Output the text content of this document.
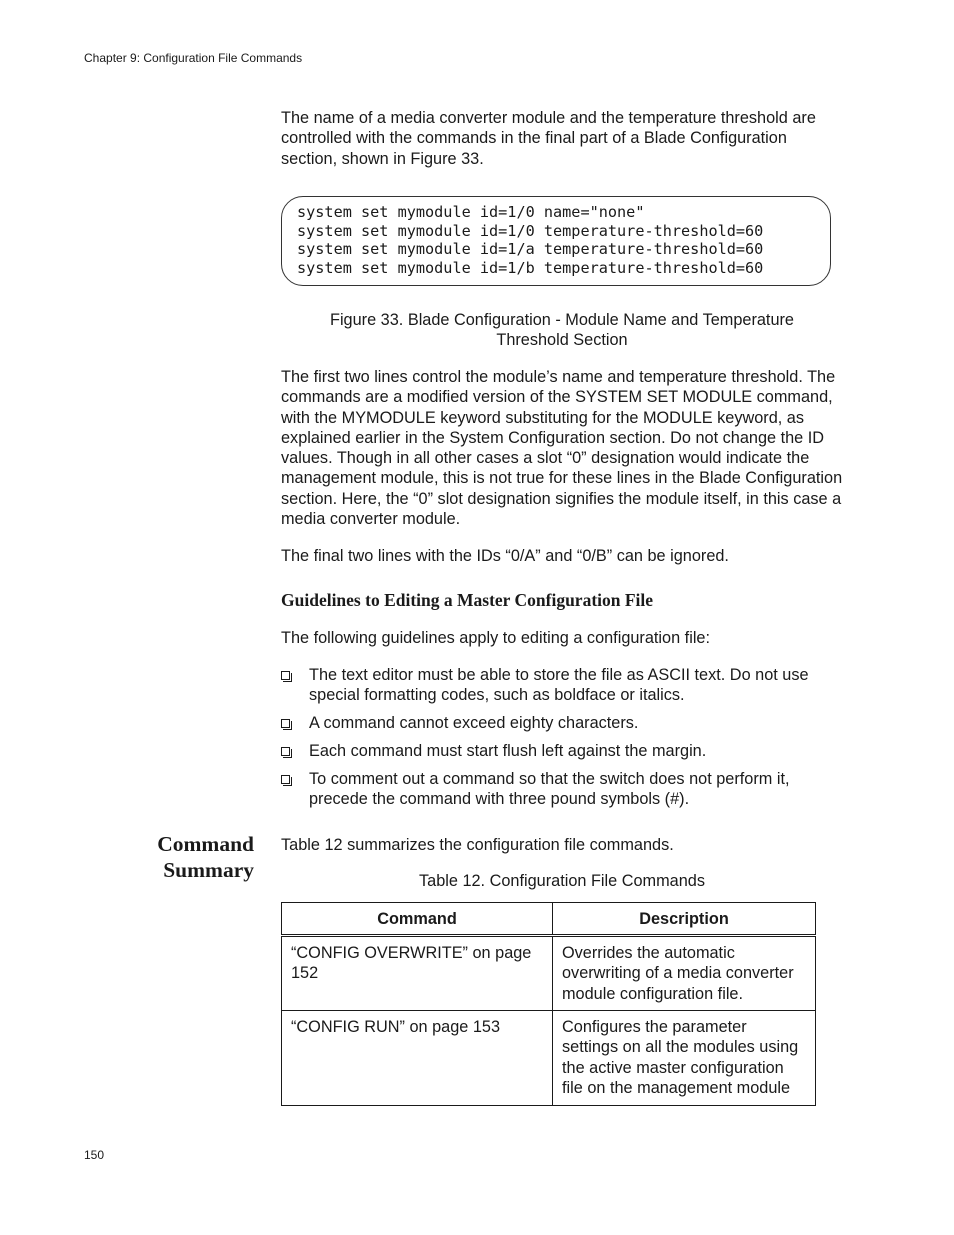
Chapter 9: Configuration File Commands
The name of a media converter module and the temperature threshold are controlled with the commands in the final part of a Blade Configuration section, shown in Figure 33.
system set mymodule id=1/0 name="none"
system set mymodule id=1/0 temperature-threshold=60
system set mymodule id=1/a temperature-threshold=60
system set mymodule id=1/b temperature-threshold=60
Figure 33. Blade Configuration - Module Name and Temperature
Threshold Section
The first two lines control the module’s name and temperature threshold. The commands are a modified version of the SYSTEM SET MODULE command, with the MYMODULE keyword substituting for the MODULE keyword, as explained earlier in the System Configuration section. Do not change the ID values. Though in all other cases a slot “0” designation would indicate the management module, this is not true for these lines in the Blade Configuration section. Here, the “0” slot designation signifies the module itself, in this case a media converter module.
The final two lines with the IDs “0/A” and “0/B” can be ignored.
Guidelines to Editing a Master Configuration File
The following guidelines apply to editing a configuration file:
The text editor must be able to store the file as ASCII text. Do not use special formatting codes, such as boldface or italics.
A command cannot exceed eighty characters.
Each command must start flush left against the margin.
To comment out a command so that the switch does not perform it, precede the command with three pound symbols (#).
Command
Summary
Table 12 summarizes the configuration file commands.
Table 12. Configuration File Commands
Command	Description
“CONFIG OVERWRITE” on page 152	Overrides the automatic overwriting of a media converter module configuration file.
“CONFIG RUN” on page 153	Configures the parameter settings on all the modules using the active master configuration file on the management module
150
